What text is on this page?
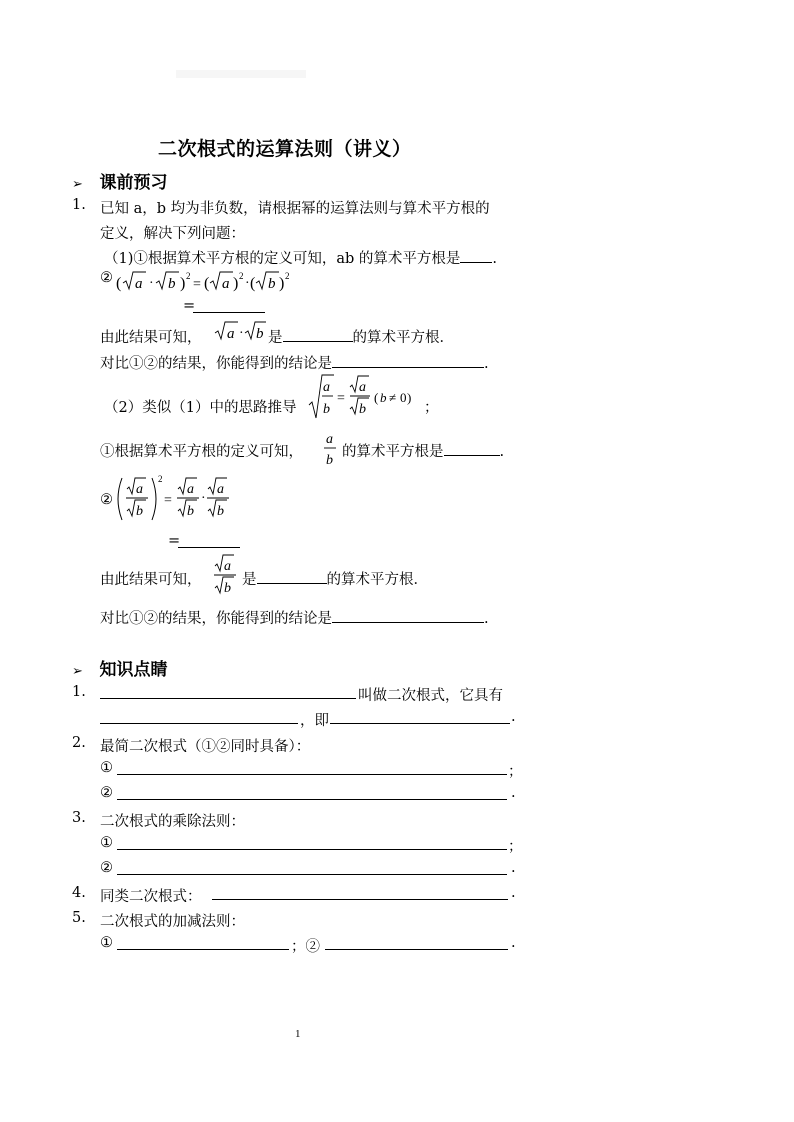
二次根式的运算法则（讲义）
➢ 课前预习
1. 已知 a，b 均为非负数，请根据幂的运算法则与算术平方根的
定义，解决下列问题：
（1)①根据算术平方根的定义可知，ab 的算术平方根是 .
② ( a · b ) 2
= ( a ) 2 · ( b ) 2
=
由此结果可知， a · b 是	的算术平方根．
对比①②的结果，你能得到的结论是	.
（2）类似（1）中的思路推导
a
b
=
a
b
( b ≠ 0 )
；
①根据算术平方根的定义可知，
a
b
的算术平方根是	.
②
a
b
2
=
a
b
·
a
b
=
由此结果可知，
a
b
是	的算术平方根．
对比①②的结果，你能得到的结论是	.
➢ 知识点睛
1.	叫做二次根式，它具有
，即	.
2. 最简二次根式（①②同时具备）：
①	；
②	.
3. 二次根式的乘除法则：
①	；
②	.
4. 同类二次根式：	.
5. 二次根式的加减法则：
①	；②	.
1
